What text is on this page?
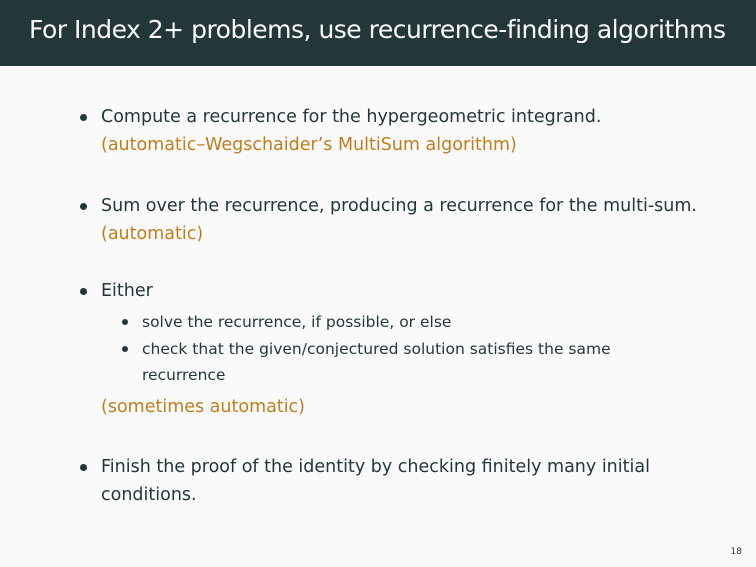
For Index 2+ problems, use recurrence-finding algorithms
Compute a recurrence for the hypergeometric integrand.
(automatic–Wegschaider’s MultiSum algorithm)
Sum over the recurrence, producing a recurrence for the multi-sum.
(automatic)
Either
solve the recurrence, if possible, or else
check that the given/conjectured solution satisfies the same
recurrence
(sometimes automatic)
Finish the proof of the identity by checking finitely many initial
conditions.
18
